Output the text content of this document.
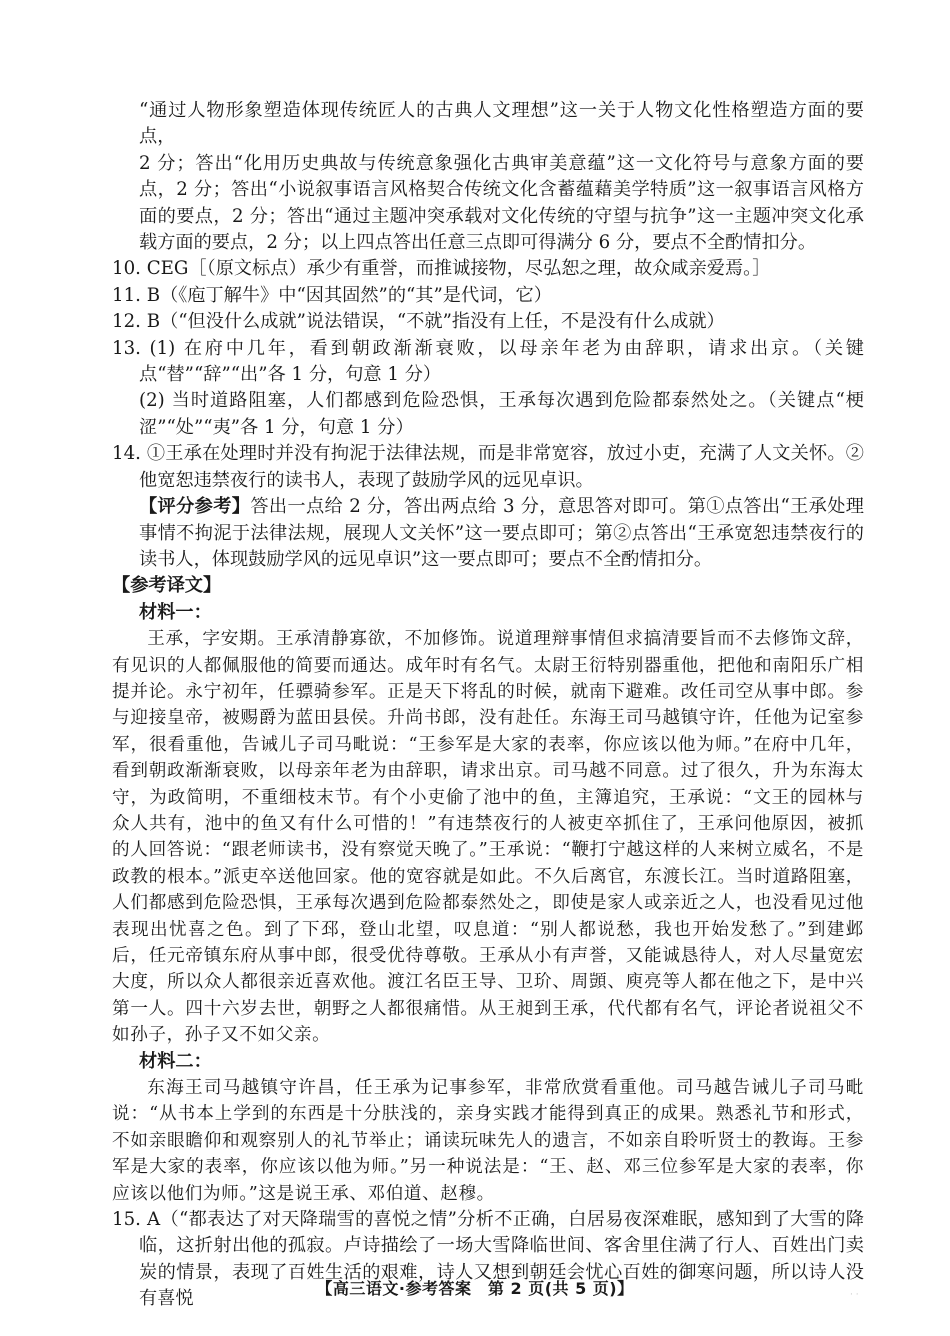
“通过人物形象塑造体现传统匠人的古典人文理想”这一关于人物文化性格塑造方面的要点，

2 分；答出“化用历史典故与传统意象强化古典审美意蕴”这一文化符号与意象方面的要点，2 分；答出“小说叙事语言风格契合传统文化含蓄蕴藉美学特质”这一叙事语言风格方面的要点，2 分；答出“通过主题冲突承载对文化传统的守望与抗争”这一主题冲突文化承载方面的要点，2 分；以上四点答出任意三点即可得满分 6 分，要点不全酌情扣分。

10. CEG［（原文标点）承少有重誉，而推诚接物，尽弘恕之理，故众咸亲爱焉。］

11. B（《庖丁解牛》中“因其固然”的“其”是代词，它）

12. B（“但没什么成就”说法错误，“不就”指没有上任，不是没有什么成就）

13. (1) 在府中几年，看到朝政渐渐衰败，以母亲年老为由辞职，请求出京。（关键点“替”“辞”“出”各 1 分，句意 1 分）

(2) 当时道路阻塞，人们都感到危险恐惧，王承每次遇到危险都泰然处之。（关键点“梗涩”“处”“夷”各 1 分，句意 1 分）

14. ①王承在处理时并没有拘泥于法律法规，而是非常宽容，放过小吏，充满了人文关怀。②他宽恕违禁夜行的读书人，表现了鼓励学风的远见卓识。

【评分参考】答出一点给 2 分，答出两点给 3 分，意思答对即可。第①点答出“王承处理事情不拘泥于法律法规，展现人文关怀”这一要点即可；第②点答出“王承宽恕违禁夜行的读书人，体现鼓励学风的远见卓识”这一要点即可；要点不全酌情扣分。

【参考译文】

材料一：

王承，字安期。王承清静寡欲，不加修饰。说道理辩事情但求搞清要旨而不去修饰文辞，有见识的人都佩服他的简要而通达。成年时有名气。太尉王衍特别器重他，把他和南阳乐广相提并论。永宁初年，任骠骑参军。正是天下将乱的时候，就南下避难。改任司空从事中郎。参与迎接皇帝，被赐爵为蓝田县侯。升尚书郎，没有赴任。东海王司马越镇守许，任他为记室参军，很看重他，告诫儿子司马毗说：“王参军是大家的表率，你应该以他为师。”在府中几年，看到朝政渐渐衰败，以母亲年老为由辞职，请求出京。司马越不同意。过了很久，升为东海太守，为政简明，不重细枝末节。有个小吏偷了池中的鱼，主簿追究，王承说：“文王的园林与众人共有，池中的鱼又有什么可惜的！”有违禁夜行的人被吏卒抓住了，王承问他原因，被抓的人回答说：“跟老师读书，没有察觉天晚了。”王承说：“鞭打宁越这样的人来树立威名，不是政教的根本。”派吏卒送他回家。他的宽容就是如此。不久后离官，东渡长江。当时道路阻塞，人们都感到危险恐惧，王承每次遇到危险都泰然处之，即使是家人或亲近之人，也没看见过他表现出忧喜之色。到了下邳，登山北望，叹息道：“别人都说愁，我也开始发愁了。”到建邺后，任元帝镇东府从事中郎，很受优待尊敬。王承从小有声誉，又能诚恳待人，对人尽量宽宏大度，所以众人都很亲近喜欢他。渡江名臣王导、卫玠、周顗、庾亮等人都在他之下，是中兴第一人。四十六岁去世，朝野之人都很痛惜。从王昶到王承，代代都有名气，评论者说祖父不如孙子，孙子又不如父亲。

材料二：

东海王司马越镇守许昌，任王承为记事参军，非常欣赏看重他。司马越告诫儿子司马毗说：“从书本上学到的东西是十分肤浅的，亲身实践才能得到真正的成果。熟悉礼节和形式，不如亲眼瞻仰和观察别人的礼节举止；诵读玩味先人的遗言，不如亲自聆听贤士的教诲。王参军是大家的表率，你应该以他为师。”另一种说法是：“王、赵、邓三位参军是大家的表率，你应该以他们为师。”这是说王承、邓伯道、赵穆。

15. A（“都表达了对天降瑞雪的喜悦之情”分析不正确，白居易夜深难眠，感知到了大雪的降临，这折射出他的孤寂。卢诗描绘了一场大雪降临世间、客舍里住满了行人、百姓出门卖炭的情景，表现了百姓生活的艰难，诗人又想到朝廷会忧心百姓的御寒问题，所以诗人没有喜悦	【高三语文·参考答案　第 2 页(共 5 页)】	· ·
